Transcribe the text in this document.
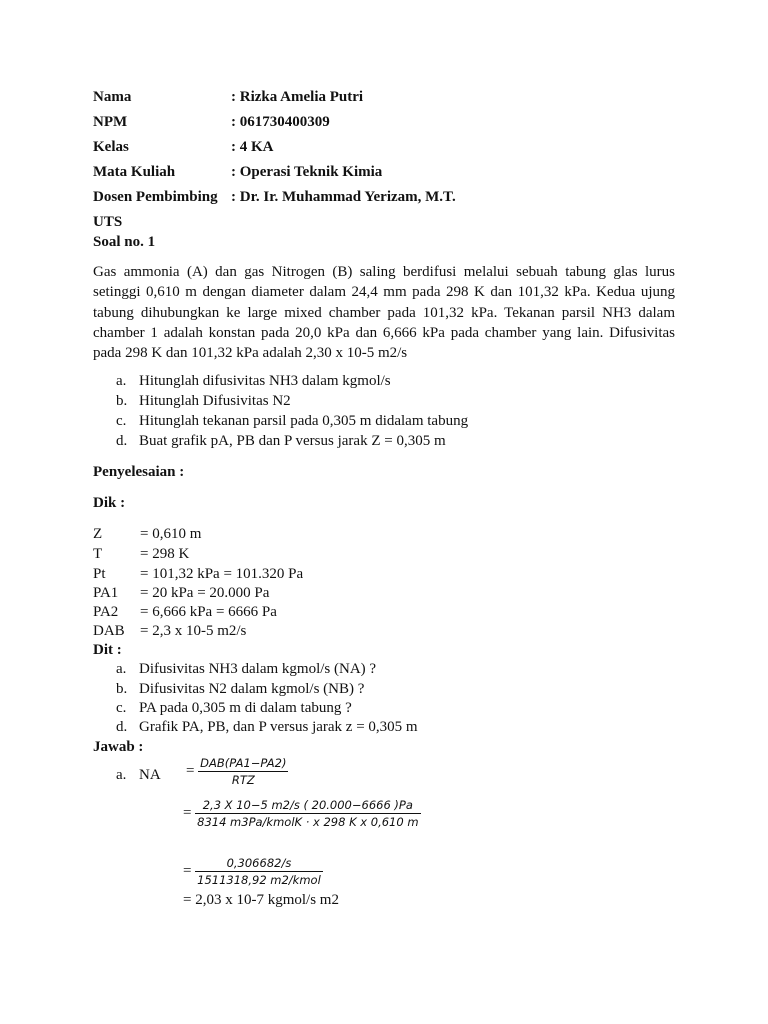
Nama	: Rizka Amelia Putri
NPM	: 061730400309
Kelas	: 4 KA
Mata Kuliah	: Operasi Teknik Kimia
Dosen Pembimbing : Dr. Ir. Muhammad Yerizam, M.T.
UTS
Soal no. 1
Gas ammonia (A) dan gas Nitrogen (B) saling berdifusi melalui sebuah tabung glas lurus setinggi 0,610 m dengan diameter dalam 24,4 mm pada 298 K dan 101,32 kPa. Kedua ujung tabung dihubungkan ke large mixed chamber pada 101,32 kPa. Tekanan parsil NH3 dalam chamber 1 adalah konstan pada 20,0 kPa dan 6,666 kPa pada chamber yang lain. Difusivitas pada 298 K dan 101,32 kPa adalah 2,30 x 10-5 m2/s
a. Hitunglah difusivitas NH3 dalam kgmol/s
b. Hitunglah Difusivitas N2
c. Hitunglah tekanan parsil pada 0,305 m didalam tabung
d. Buat grafik pA, PB dan P versus jarak Z = 0,305 m
Penyelesaian :
Dik :
Z	= 0,610 m
T	= 298 K
Pt = 101,32 kPa = 101.320 Pa
PA1 = 20 kPa = 20.000 Pa
PA2 = 6,666 kPa = 6666 Pa
DAB = 2,3 x 10-5 m2/s
Dit :
a. Difusivitas NH3 dalam kgmol/s (NA) ?
b. Difusivitas N2 dalam kgmol/s (NB) ?
c. PA pada 0,305 m di dalam tabung ?
d. Grafik PA, PB, dan P versus jarak z = 0,305 m
Jawab :
a. NA = $\frac{\text{DAB(PA1−PA2)}}{\text{RTZ}}$
= $\frac{2,3 X 10-5 m2/s ( 20.000-6666 )Pa}{\text{8314 m3Pa/kmolK · x 298 K x 0,610 m}}$
= $\frac{0,306682/s}{\text{1511318,92 m2/kmol}}$
= 2,03 x 10-7 kgmol/s m2
